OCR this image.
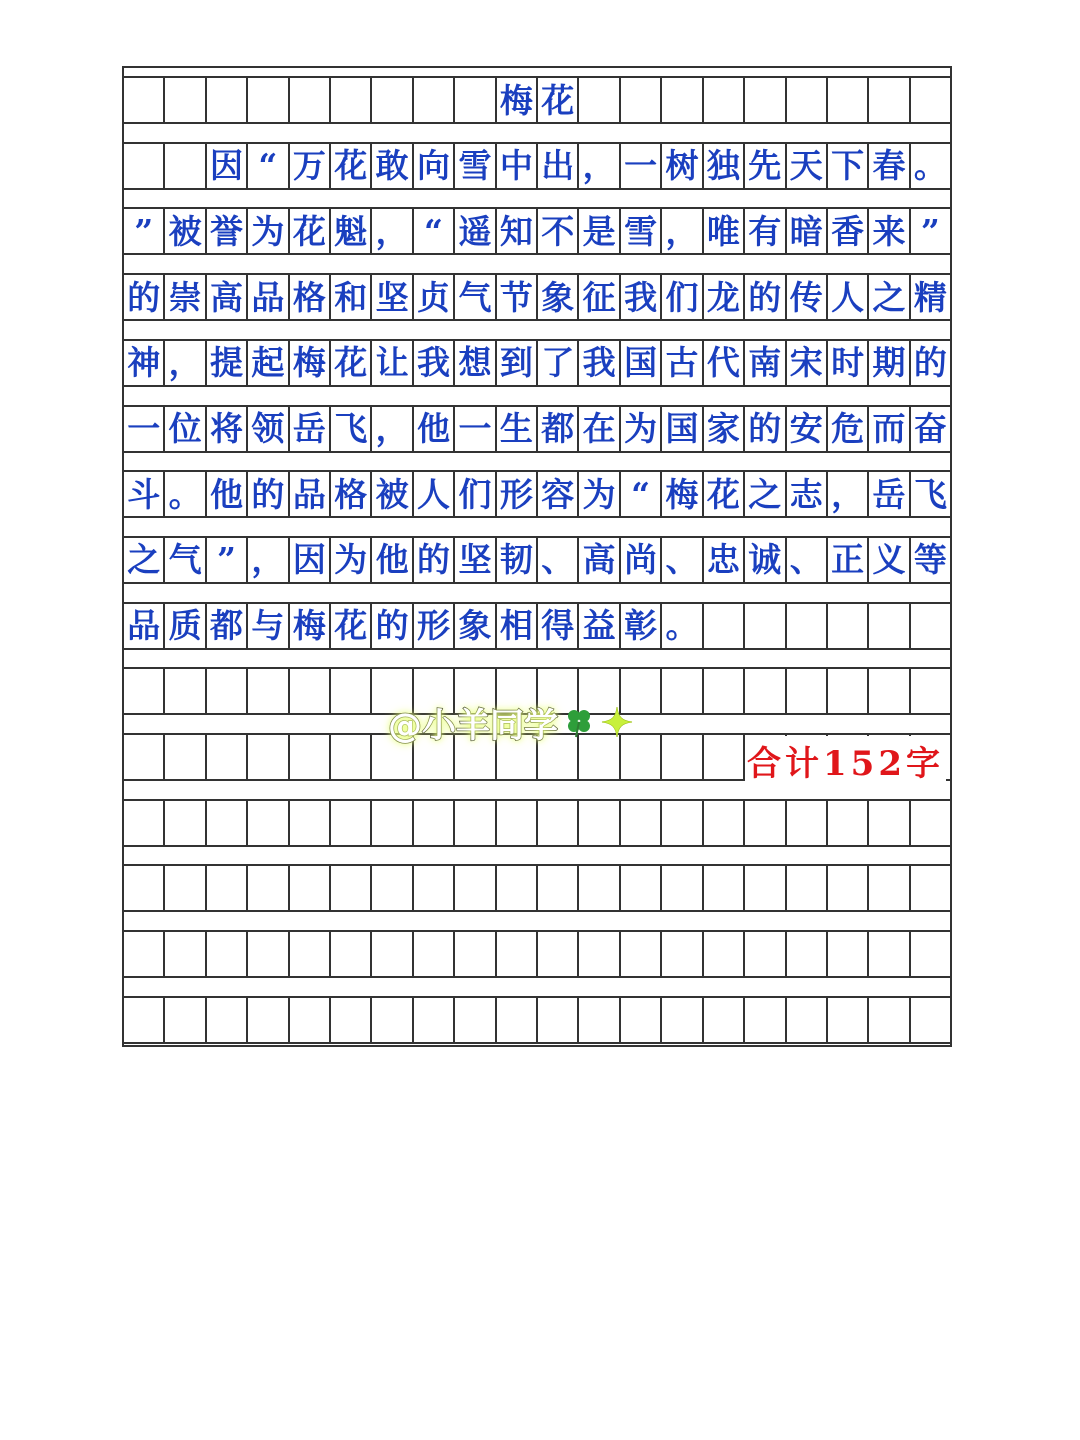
梅 花
因 “ 万 花 敢 向 雪 中 出 ， 一 树 独 先 天 下 春 。
” 被 誉 为 花 魁 ， “ 遥 知 不 是 雪 ， 唯 有 暗 香 来 ”
的 崇 高 品 格 和 坚 贞 气 节 象 征 我 们 龙 的 传 人 之 精
神 ， 提 起 梅 花 让 我 想 到 了 我 国 古 代 南 宋 时 期 的
一 位 将 领 岳 飞 ， 他 一 生 都 在 为 国 家 的 安 危 而 奋
斗 。 他 的 品 格 被 人 们 形 容 为 “ 梅 花 之 志 ， 岳 飞
之 气 ” ， 因 为 他 的 坚 韧 、 高 尚 、 忠 诚 、 正 义 等
品 质 都 与 梅 花 的 形 象 相 得 益 彰 。
@小羊同学
合计152字
